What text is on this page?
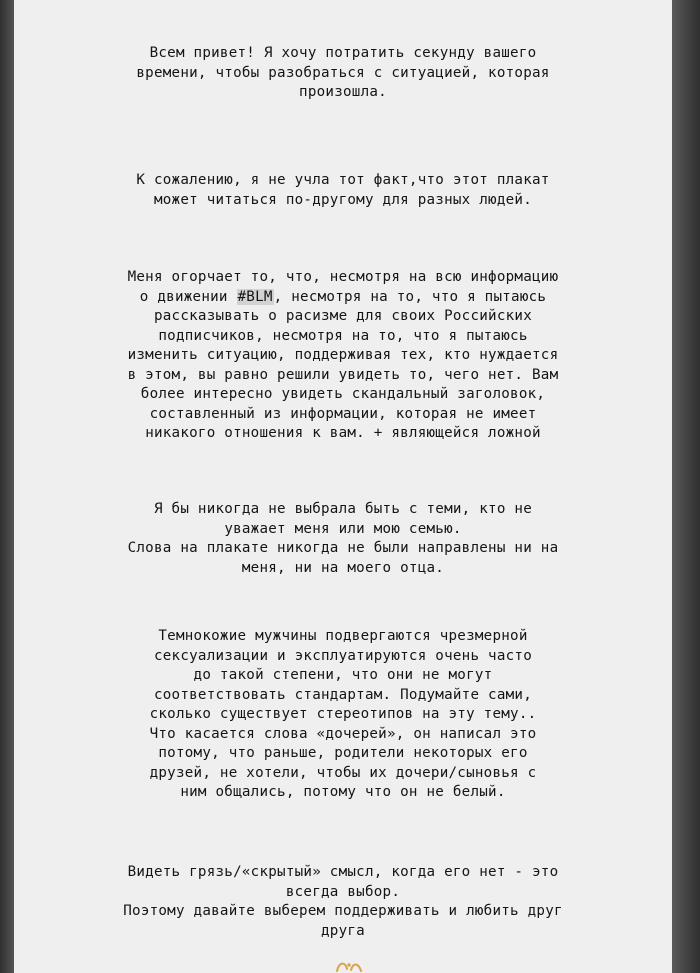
Всем привет! Я хочу потратить секунду вашего
времени, чтобы разобраться с ситуацией, которая
произошла.

К сожалению, я не учла тот факт,что этот плакат
может читаться по-другому для разных людей.

Меня огорчает то, что, несмотря на всю информацию
о движении #BLM, несмотря на то, что я пытаюсь
рассказывать о расизме для своих Российских
подписчиков, несмотря на то, что я пытаюсь
изменить ситуацию, поддерживая тех, кто нуждается
в этом, вы равно решили увидеть то, чего нет. Вам
более интересно увидеть скандальный заголовок,
составленный из информации, которая не имеет
никакого отношения к вам. + являющейся ложной

Я бы никогда не выбрала быть с теми, кто не
уважает меня или мою семью.
Слова на плакате никогда не были направлены ни на
меня, ни на моего отца.

Темнокожие мужчины подвергаются чрезмерной
сексуализации и эксплуатируются очень часто
до такой степени, что они не могут
соответствовать стандартам. Подумайте сами,
сколько существует стереотипов на эту тему..
Что касается слова «дочерей», он написал это
потому, что раньше, родители некоторых его
друзей, не хотели, чтобы их дочери/сыновья с
ним общались, потому что он не белый.

Видеть грязь/«скрытый» смысл, когда его нет - это
всегда выбор.
Поэтому давайте выберем поддерживать и любить друг
друга
